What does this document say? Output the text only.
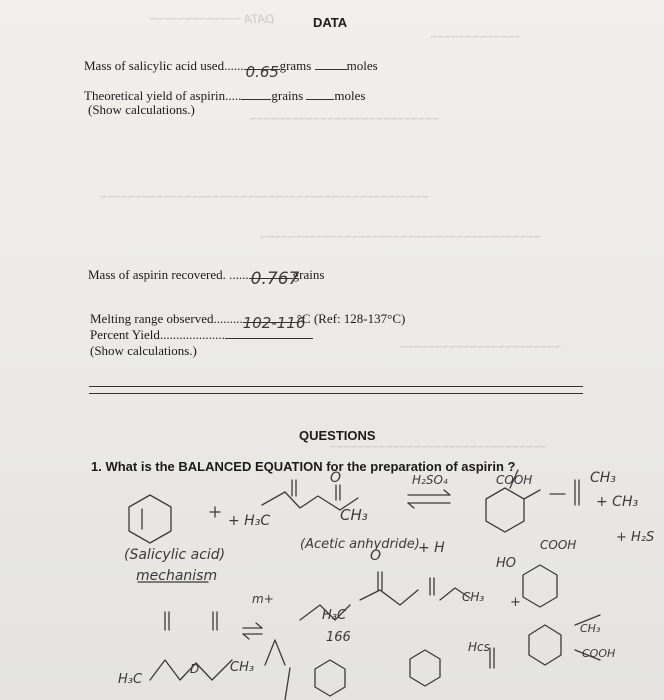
DATA ~~~~~~~~~~~~~
~~~~~~~~~~~~~
~~~~~~~~~~~~~~~~~~~~~~~~~~~
~~~~~~~~~~~~~~~~~~~~~~~~~~~~~~~~~~~~~~~~~~~~~~~
~~~~~~~~~~~~~~~~~~~~~~~~~~~~~~~~~~~~~~~~
~~~~~~~~~~~~~~~~~~~~~~~
~~~~~~~~~~~~~~~~~~~~~~~~~~~~~~~
DATA
Mass of salicylic acid used...... 0.65 grams	moles
Theoretical yield of aspirin..... grains moles
(Show calculations.)
Mass of aspirin recovered. ...... 0.767
grains
Melting range observed......... 102-116
°C (Ref: 128-137°C)
Percent Yield....................
(Show calculations.)
QUESTIONS
1. What is the BALANCED EQUATION for the preparation of aspirin ?
O
+ H₃C
+
H₂SO₄	COOH	CH₃
+ CH₃
CH₃
(Salicylic acid)
(Acetic anhydride)
+ H
HO
COOH	+ H₂S
O
mechanism
m+	CH₃
H₃C
166
Hcs
CH₃
COOH
H₃C
D CH₃
